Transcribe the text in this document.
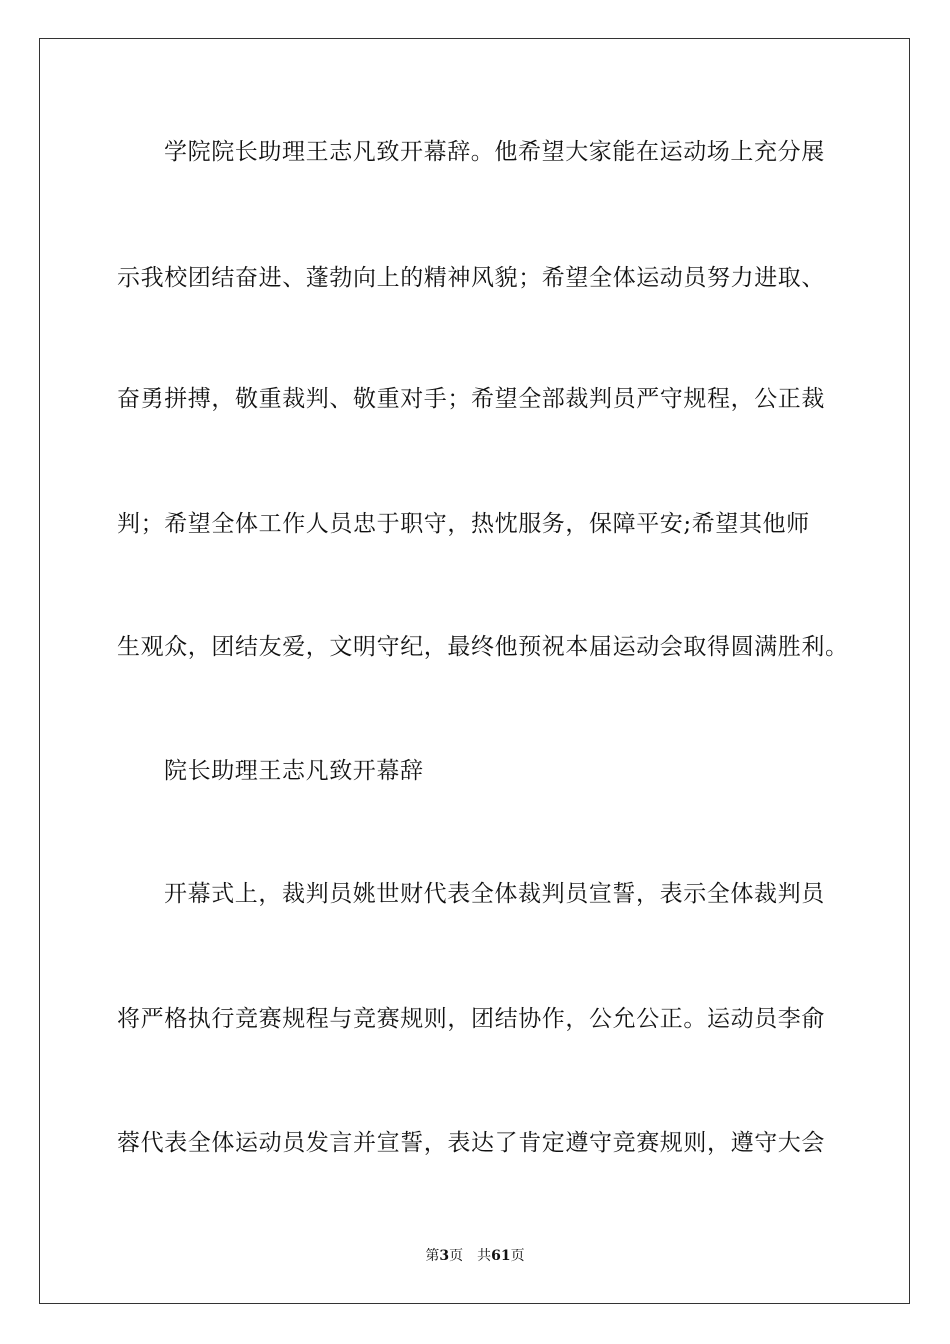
学院院长助理王志凡致开幕辞。他希望大家能在运动场上充分展
示我校团结奋进、蓬勃向上的精神风貌；希望全体运动员努力进取、
奋勇拼搏，敬重裁判、敬重对手；希望全部裁判员严守规程，公正裁
判；希望全体工作人员忠于职守，热忱服务，保障平安;希望其他师
生观众，团结友爱，文明守纪，最终他预祝本届运动会取得圆满胜利。
院长助理王志凡致开幕辞
开幕式上，裁判员姚世财代表全体裁判员宣誓，表示全体裁判员
将严格执行竞赛规程与竞赛规则，团结协作，公允公正。运动员李俞
蓉代表全体运动员发言并宣誓，表达了肯定遵守竞赛规则，遵守大会
第3页 共61页
